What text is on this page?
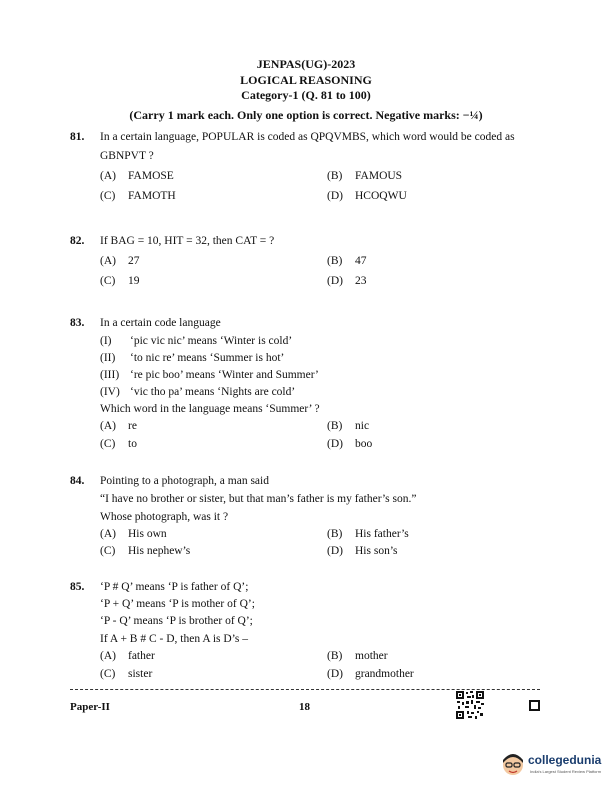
JENPAS(UG)-2023
LOGICAL REASONING
Category-1 (Q. 81 to 100)
(Carry 1 mark each. Only one option is correct. Negative marks: −¼)
81. In a certain language, POPULAR is coded as QPQVMBS, which word would be coded as
GBNPVT ?
(A) FAMOSE	(B) FAMOUS
(C) FAMOTH	(D) HCOQWU
82. If BAG = 10, HIT = 32, then CAT = ?
(A) 27	(B) 47
(C) 19	(D) 23
83. In a certain code language
(I) ‘pic vic nic’ means ‘Winter is cold’
(II) ‘to nic re’ means ‘Summer is hot’
(III) ‘re pic boo’ means ‘Winter and Summer’
(IV) ‘vic tho pa’ means ‘Nights are cold’
Which word in the language means ‘Summer’ ?
(A) re	(B) nic
(C) to	(D) boo
84. Pointing to a photograph, a man said
“I have no brother or sister, but that man’s father is my father’s son.”
Whose photograph, was it ?
(A) His own	(B) His father’s
(C) His nephew’s	(D) His son’s
85. ‘P # Q’ means ‘P is father of Q’;
‘P + Q’ means ‘P is mother of Q’;
‘P - Q’ means ‘P is brother of Q’;
If A + B # C - D, then A is D’s –
(A) father	(B) mother
(C) sister	(D) grandmother
Paper-II	18
collegedunia
India's Largest Student Review Platform
